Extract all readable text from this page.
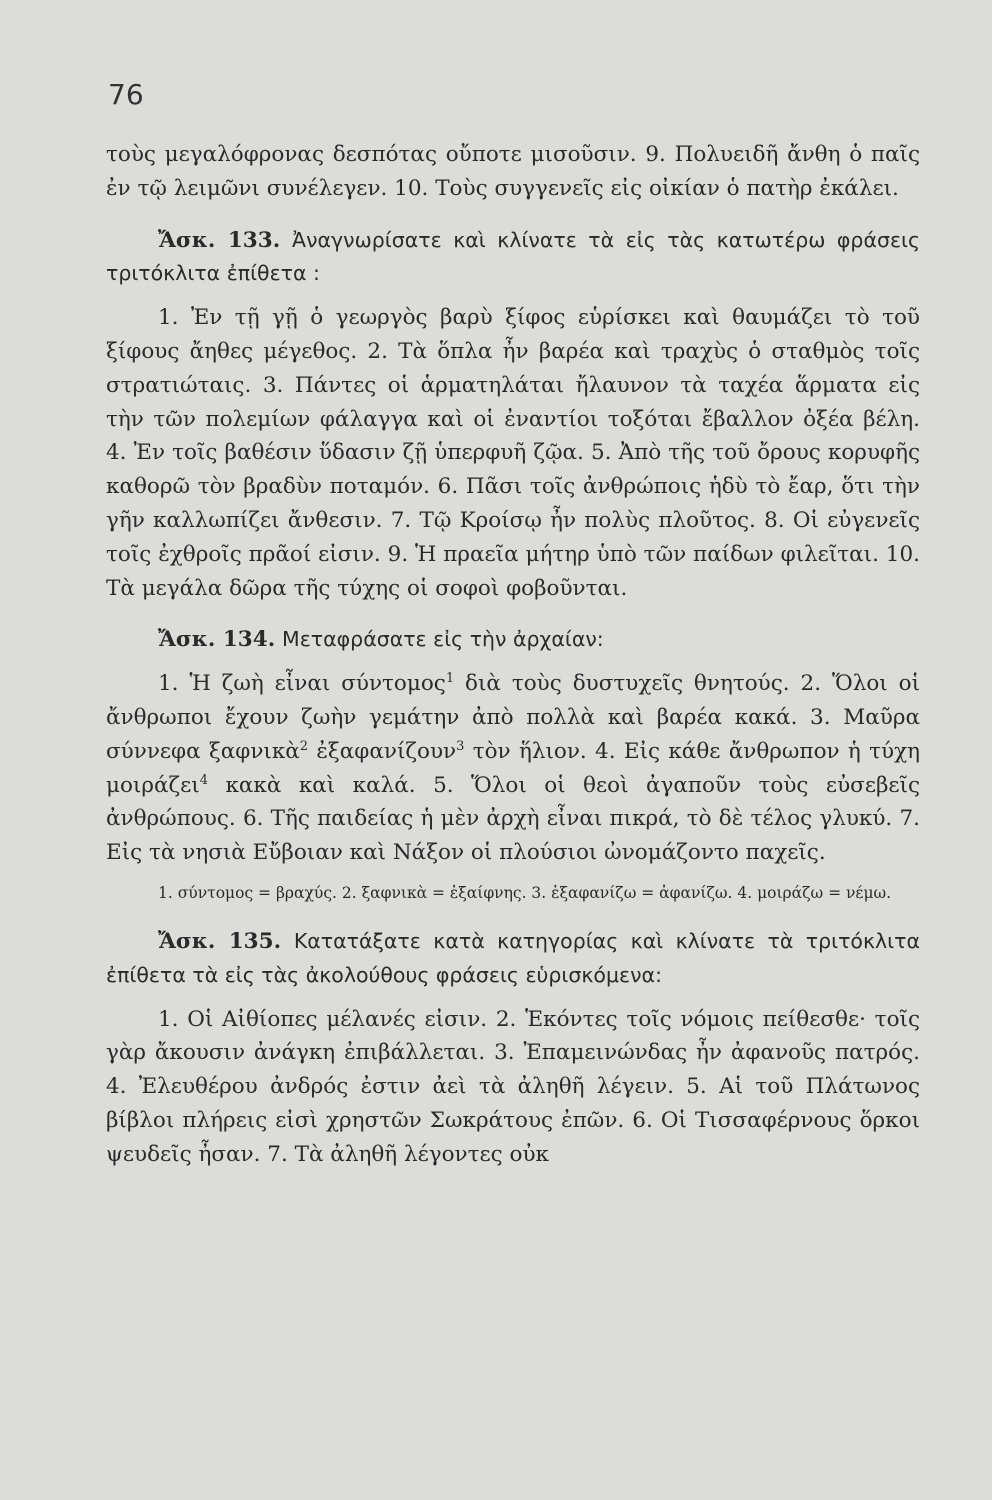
76

τοὺς μεγαλόφρονας δεσπότας οὔποτε μισοῦσιν. 9. Πολυειδῆ ἄνθη ὁ παῖς ἐν τῷ λειμῶνι συνέλεγεν. 10. Τοὺς συγγενεῖς εἰς οἰκίαν ὁ πατὴρ ἐκάλει.

Ἄσκ. 133. Ἀναγνωρίσατε καὶ κλίνατε τὰ εἰς τὰς κατωτέρω φράσεις τριτόκλιτα ἐπίθετα :

1. Ἐν τῇ γῇ ὁ γεωργὸς βαρὺ ξίφος εὑρίσκει καὶ θαυμάζει τὸ τοῦ ξίφους ἄηθες μέγεθος. 2. Τὰ ὅπλα ἦν βαρέα καὶ τραχὺς ὁ σταθμὸς τοῖς στρατιώταις. 3. Πάντες οἱ ἁρματηλάται ἤλαυνον τὰ ταχέα ἅρματα εἰς τὴν τῶν πολεμίων φάλαγγα καὶ οἱ ἐναντίοι τοξόται ἔβαλλον ὀξέα βέλη. 4. Ἐν τοῖς βαθέσιν ὕδασιν ζῇ ὑπερφυῆ ζῷα. 5. Ἀπὸ τῆς τοῦ ὄρους κορυφῆς καθορῶ τὸν βραδὺν ποταμόν. 6. Πᾶσι τοῖς ἀνθρώποις ἡδὺ τὸ ἔαρ, ὅτι τὴν γῆν καλλωπίζει ἄνθεσιν. 7. Τῷ Κροίσῳ ἦν πολὺς πλοῦτος. 8. Οἱ εὐγενεῖς τοῖς ἐχθροῖς πρᾶοί εἰσιν. 9. Ἡ πραεῖα μήτηρ ὑπὸ τῶν παίδων φιλεῖται. 10. Τὰ μεγάλα δῶρα τῆς τύχης οἱ σοφοὶ φοβοῦνται.

Ἄσκ. 134. Μεταφράσατε εἰς τὴν ἀρχαίαν:

1. Ἡ ζωὴ εἶναι σύντομος$^1$ διὰ τοὺς δυστυχεῖς θνητούς. 2. Ὅλοι οἱ ἄνθρωποι ἔχουν ζωὴν γεμάτην ἀπὸ πολλὰ καὶ βαρέα κακά. 3. Μαῦρα σύννεφα ξαφνικὰ$^2$ ἐξαφανίζουν$^3$ τὸν ἥλιον. 4. Εἰς κάθε ἄνθρωπον ἡ τύχη μοιράζει$^4$ κακὰ καὶ καλά. 5. Ὅλοι οἱ θεοὶ ἀγαποῦν τοὺς εὐσεβεῖς ἀνθρώπους. 6. Τῆς παιδείας ἡ μὲν ἀρχὴ εἶναι πικρά, τὸ δὲ τέλος γλυκύ. 7. Εἰς τὰ νησιὰ Εὔβοιαν καὶ Νάξον οἱ πλούσιοι ὠνομάζοντο παχεῖς.

1. σύντομος = βραχύς. 2. ξαφνικὰ = ἐξαίφνης. 3. ἐξαφανίζω = ἀφανίζω. 4. μοιράζω = νέμω.

Ἄσκ. 135. Κατατάξατε κατὰ κατηγορίας καὶ κλίνατε τὰ τριτόκλιτα ἐπίθετα τὰ εἰς τὰς ἀκολούθους φράσεις εὑρισκόμενα:

1. Οἱ Αἰθίοπες μέλανές εἰσιν. 2. Ἑκόντες τοῖς νόμοις πείθεσθε· τοῖς γὰρ ἄκουσιν ἀνάγκη ἐπιβάλλεται. 3. Ἐπαμεινώνδας ἦν ἀφανοῦς πατρός. 4. Ἐλευθέρου ἀνδρός ἐστιν ἀεὶ τὰ ἀληθῆ λέγειν. 5. Αἱ τοῦ Πλάτωνος βίβλοι πλήρεις εἰσὶ χρηστῶν Σωκράτους ἐπῶν. 6. Οἱ Τισσαφέρνους ὅρκοι ψευδεῖς ἦσαν. 7. Τὰ ἀληθῆ λέγοντες οὐκ
